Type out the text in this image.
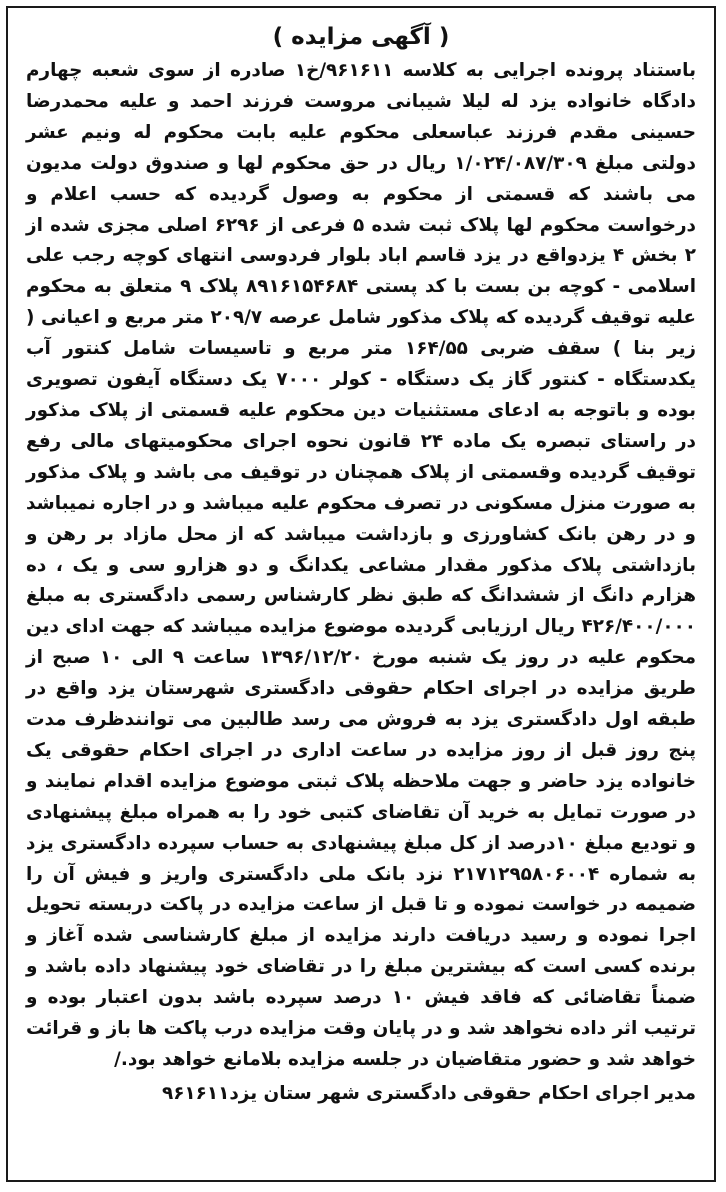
( آگهی مزایده )

باستناد پرونده اجرایی به کلاسه ۹۶۱۶۱۱/خ۱ صادره از سوی شعبه چهارم دادگاه خانواده یزد له لیلا شیبانی مروست فرزند احمد و علیه محمدرضا حسینی مقدم فرزند عباسعلی محکوم علیه بابت محکوم له ونیم عشر دولتی مبلغ ۱/۰۲۴/۰۸۷/۳۰۹ ریال در حق محکوم لها و صندوق دولت مدیون می باشند که قسمتی از محکوم به وصول گردیده که حسب اعلام و درخواست محکوم لها پلاک ثبت شده ۵ فرعی از ۶۲۹۶ اصلی مجزی شده از ۲ بخش ۴ یزدواقع در یزد قاسم اباد بلوار فردوسی انتهای کوچه رجب علی اسلامی - کوچه بن بست با کد پستی ۸۹۱۶۱۵۴۶۸۴ پلاک ۹ متعلق به محکوم علیه توقیف گردیده که پلاک مذکور شامل عرصه ۲۰۹/۷ متر مربع و اعیانی ( زیر بنا ) سقف ضربی ۱۶۴/۵۵ متر مربع و تاسیسات شامل کنتور آب یکدستگاه - کنتور گاز یک دستگاه - کولر ۷۰۰۰ یک دستگاه آیفون تصویری بوده و باتوجه به ادعای مستثنیات دین محکوم علیه قسمتی از پلاک مذکور در راستای تبصره یک ماده ۲۴ قانون نحوه اجرای محکومیتهای مالی رفع توقیف گردیده وقسمتی از پلاک همچنان در توقیف می باشد و پلاک مذکور به صورت منزل مسکونی در تصرف محکوم علیه میباشد و در اجاره نمیباشد و در رهن بانک کشاورزی و بازداشت میباشد که از محل مازاد بر رهن و بازداشتی پلاک مذکور مقدار مشاعی یکدانگ و دو هزارو سی و یک ، ده هزارم دانگ از ششدانگ که طبق نظر کارشناس رسمی دادگستری به مبلغ ۴۲۶/۴۰۰/۰۰۰ ریال ارزیابی گردیده موضوع مزایده میباشد که جهت ادای دین محکوم علیه در روز یک شنبه مورخ ۱۳۹۶/۱۲/۲۰ ساعت ۹ الی ۱۰ صبح از طریق مزایده در اجرای احکام حقوقی دادگستری شهرستان یزد واقع در طبقه اول دادگستری یزد به فروش می رسد طالبین می توانندظرف مدت پنج روز قبل از روز مزایده در ساعت اداری در اجرای احکام حقوقی یک خانواده یزد حاضر و جهت ملاحظه پلاک ثبتی موضوع مزایده اقدام نمایند و در صورت تمایل به خرید آن تقاضای کتبی خود را به همراه مبلغ پیشنهادی و تودیع مبلغ ۱۰درصد از کل مبلغ پیشنهادی به حساب سپرده دادگستری یزد به شماره ۲۱۷۱۲۹۵۸۰۶۰۰۴ نزد بانک ملی دادگستری واریز و فیش آن را ضمیمه در خواست نموده و تا قبل از ساعت مزایده در پاکت دربسته تحویل اجرا نموده و رسید دریافت دارند مزایده از مبلغ کارشناسی شده آغاز و برنده کسی است که بیشترین مبلغ را در تقاضای خود پیشنهاد داده باشد و ضمناً تقاضائی که فاقد فیش ۱۰ درصد سپرده باشد بدون اعتبار بوده و ترتیب اثر داده نخواهد شد و در پایان وقت مزایده درب پاکت ها باز و قرائت خواهد شد و حضور متقاضیان در جلسه مزایده بلامانع خواهد بود./

مدیر اجرای احکام حقوقی دادگستری شهر ستان یزد۹۶۱۶۱۱
